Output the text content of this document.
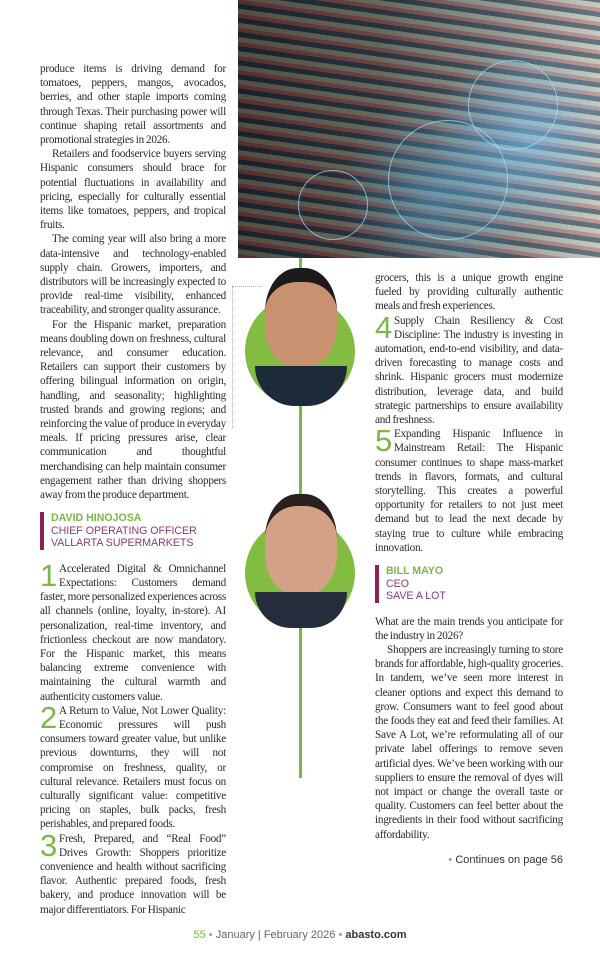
produce items is driving demand for tomatoes, peppers, mangos, avocados, berries, and other staple imports coming through Texas. Their purchasing power will continue shaping retail assortments and promotional strategies in 2026.

Retailers and foodservice buyers serving Hispanic consumers should brace for potential fluctuations in availability and pricing, especially for culturally essential items like tomatoes, peppers, and tropical fruits.

The coming year will also bring a more data-intensive and technology-enabled supply chain. Growers, importers, and distributors will be increasingly expected to provide real-time visibility, enhanced traceability, and stronger quality assurance.

For the Hispanic market, preparation means doubling down on freshness, cultural relevance, and consumer education. Retailers can support their customers by offering bilingual information on origin, handling, and seasonality; highlighting trusted brands and growing regions; and reinforcing the value of produce in everyday meals. If pricing pressures arise, clear communication and thoughtful merchandising can help maintain consumer engagement rather than driving shoppers away from the produce department.

DAVID HINOJOSA
CHIEF OPERATING OFFICER
VALLARTA SUPERMARKETS
1 Accelerated Digital & Omnichannel Expectations: Customers demand faster, more personalized experiences across all channels (online, loyalty, in-store). AI personalization, real-time inventory, and frictionless checkout are now mandatory. For the Hispanic market, this means balancing extreme convenience with maintaining the cultural warmth and authenticity customers value.
2 A Return to Value, Not Lower Quality: Economic pressures will push consumers toward greater value, but unlike previous downturns, they will not compromise on freshness, quality, or cultural relevance. Retailers must focus on culturally significant value: competitive pricing on staples, bulk packs, fresh perishables, and prepared foods.
3 Fresh, Prepared, and “Real Food” Drives Growth: Shoppers prioritize convenience and health without sacrificing flavor. Authentic prepared foods, fresh bakery, and produce innovation will be major differentiators. For Hispanic

grocers, this is a unique growth engine fueled by providing culturally authentic meals and fresh experiences.

4 Supply Chain Resiliency & Cost Discipline: The industry is investing in automation, end-to-end visibility, and data-driven forecasting to manage costs and shrink. Hispanic grocers must modernize distribution, leverage data, and build strategic partnerships to ensure availability and freshness.
5 Expanding Hispanic Influence in Mainstream Retail: The Hispanic consumer continues to shape mass-market trends in flavors, formats, and cultural storytelling. This creates a powerful opportunity for retailers to not just meet demand but to lead the next decade by staying true to culture while embracing innovation.
BILL MAYO
CEO
SAVE A LOT

What are the main trends you anticipate for the industry in 2026?

Shoppers are increasingly turning to store brands for affordable, high-quality groceries. In tandem, we’ve seen more interest in cleaner options and expect this demand to grow. Consumers want to feel good about the foods they eat and feed their families. At Save A Lot, we’re reformulating all of our private label offerings to remove seven artificial dyes. We’ve been working with our suppliers to ensure the removal of dyes will not impact or change the overall taste or quality. Customers can feel better about the ingredients in their food without sacrificing affordability.

• Continues on page 56
55 • January | February 2026 • abasto.com
